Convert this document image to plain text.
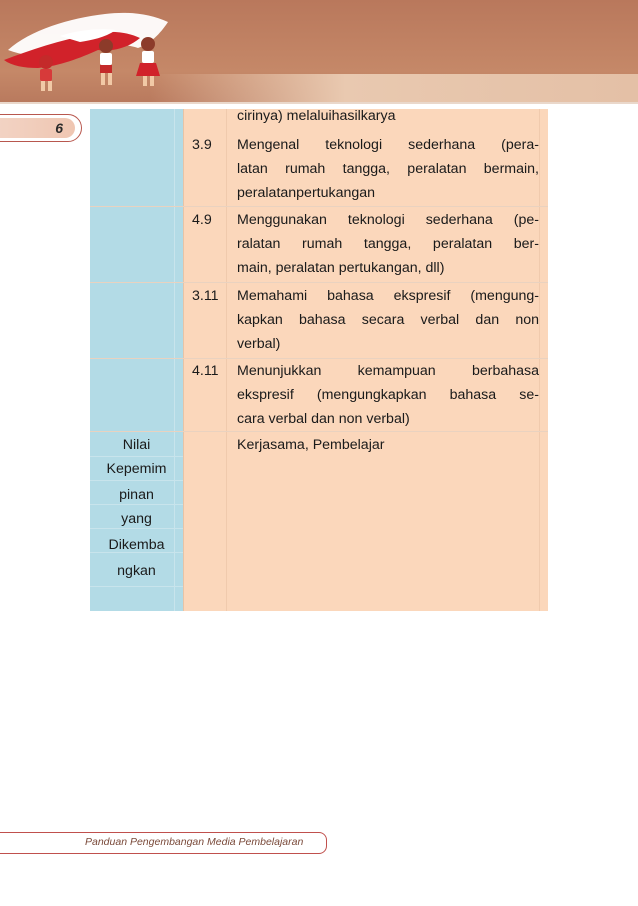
6
cirinya) melaluihasilkarya
3.9 Mengenal teknologi sederhana (pera-
latan rumah tangga, peralatan bermain,
peralatanpertukangan
4.9 Menggunakan teknologi sederhana (pe-
ralatan rumah tangga, peralatan ber-
main, peralatan pertukangan, dll)
3.11 Memahami bahasa ekspresif (mengung-
kapkan bahasa secara verbal dan non
verbal)
4.11 Menunjukkan kemampuan berbahasa
ekspresif (mengungkapkan bahasa se-
cara verbal dan non verbal)
Nilai
Kepemim
pinan
yang
Dikemba
ngkan
Kerjasama, Pembelajar
Panduan Pengembangan Media Pembelajaran
